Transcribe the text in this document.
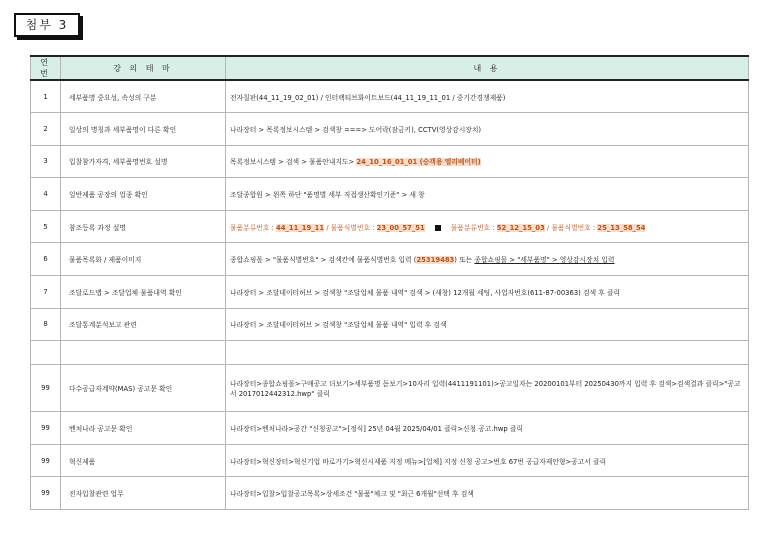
첨부 3
연 번	강 의 테 마	내 용
1	세부품명 중요성, 속성의 구분	전자칠판(44_11_19_02_01) / 인터랙티브화이트보드(44_11_19_11_01 / 중기간경쟁제품)
2	일상의 명칭과 세부품명이 다른 확인	나라장터 > 목록정보시스템 > 검색창 ===> 도어락(잠금키), CCTV(영상감시장치)
3	입찰참가자격, 세부품명번호 설명	목록정보시스템 > 검색 > 물품안내지도> 24_10_16_01_01 (승객용 엘리베이터)
4	일반제품 공장의 업종 확인	조달종합원 > 왼쪽 하단 "품명별 세부 직접생산확인기준" > 새 창
5	참조등록 과정 설명	물품분류번호 : 44_11_19_11 / 물품식별번호 : 23_00_57_51 물품분류번호 : 52_12_15_03 / 물품식별번호 : 25_13_58_54
6	물품목록화 / 제품이미지	종합쇼핑몰 > "물품식별번호" > 검색칸에 물품식별번호 입력 (25319483) 또는 종합쇼핑몰 > "세부품명" > 영상감시장치 입력
7	조달로드맵 > 조달업체 물품내역 확인	나라장터 > 조달데이터허브 > 검색창 "조달업체 물품 내역" 검색 > (새창) 12개월 세팅, 사업자번호(611-87-00363) 검색 후 클릭
8	조달통계분석보고 관련	나라장터 > 조달데이터허브 > 검색창 "조달업체 물품 내역" 입력 후 검색

99	다수공급자계약(MAS) 공고문 확인	나라장터>종합쇼핑몰>구매공고 더보기>세부품명 돋보기>10자리 입력(4411191101)>공고일자는 20200101부터 20250430까지 입력 후 검색>검색결과 클릭>"공고서 2017012442312.hwp" 클릭
99	벤처나라 공고문 확인	나라장터>벤처나라>공간 "신청공고">[정식] 25년 04월 2025/04/01 클릭>신청 공고.hwp 클릭
99	혁신제품	나라장터>혁신장터>혁신기업 바로가기>혁신시제품 지정 메뉴>[업체] 지정 신청 공고>번호 67번 공급자제안형>공고서 클릭
99	전자입찰관련 업무	나라장터>입찰>입찰공고목록>상세조건 "물품"체크 및 "최근 6개월"선택 후 검색
